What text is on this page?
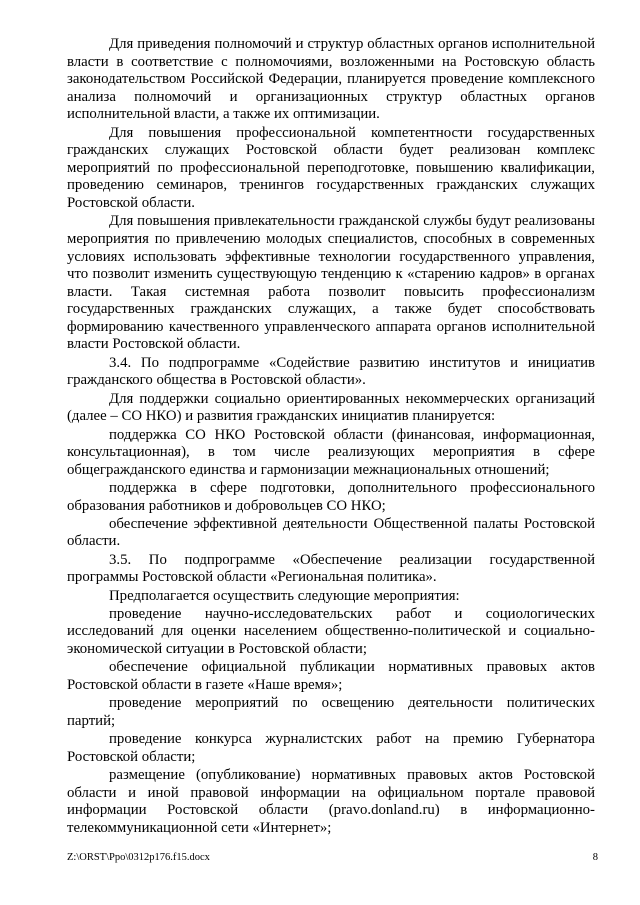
Для приведения полномочий и структур областных органов исполнительной власти в соответствие с полномочиями, возложенными на Ростовскую область законодательством Российской Федерации, планируется проведение комплексного анализа полномочий и организационных структур областных органов исполнительной власти, а также их оптимизации.

Для повышения профессиональной компетентности государственных гражданских служащих Ростовской области будет реализован комплекс мероприятий по профессиональной переподготовке, повышению квалификации, проведению семинаров, тренингов государственных гражданских служащих Ростовской области.

Для повышения привлекательности гражданской службы будут реализованы мероприятия по привлечению молодых специалистов, способных в современных условиях использовать эффективные технологии государственного управления, что позволит изменить существующую тенденцию к «старению кадров» в органах власти. Такая системная работа позволит повысить профессионализм государственных гражданских служащих, а также будет способствовать формированию качественного управленческого аппарата органов исполнительной власти Ростовской области.

3.4. По подпрограмме «Содействие развитию институтов и инициатив гражданского общества в Ростовской области».

Для поддержки социально ориентированных некоммерческих организаций (далее – СО НКО) и развития гражданских инициатив планируется:

поддержка СО НКО Ростовской области (финансовая, информационная, консультационная), в том числе реализующих мероприятия в сфере общегражданского единства и гармонизации межнациональных отношений;

поддержка в сфере подготовки, дополнительного профессионального образования работников и добровольцев СО НКО;

обеспечение эффективной деятельности Общественной палаты Ростовской области.

3.5. По подпрограмме «Обеспечение реализации государственной программы Ростовской области «Региональная политика».

Предполагается осуществить следующие мероприятия:

проведение научно-исследовательских работ и социологических исследований для оценки населением общественно-политической и социально-экономической ситуации в Ростовской области;

обеспечение официальной публикации нормативных правовых актов Ростовской области в газете «Наше время»;

проведение мероприятий по освещению деятельности политических партий;

проведение конкурса журналистских работ на премию Губернатора Ростовской области;

размещение (опубликование) нормативных правовых актов Ростовской области и иной правовой информации на официальном портале правовой информации Ростовской области (pravo.donland.ru) в информационно-телекоммуникационной сети «Интернет»;

Z:\ORST\Ppo\0312p176.f15.docx	8
